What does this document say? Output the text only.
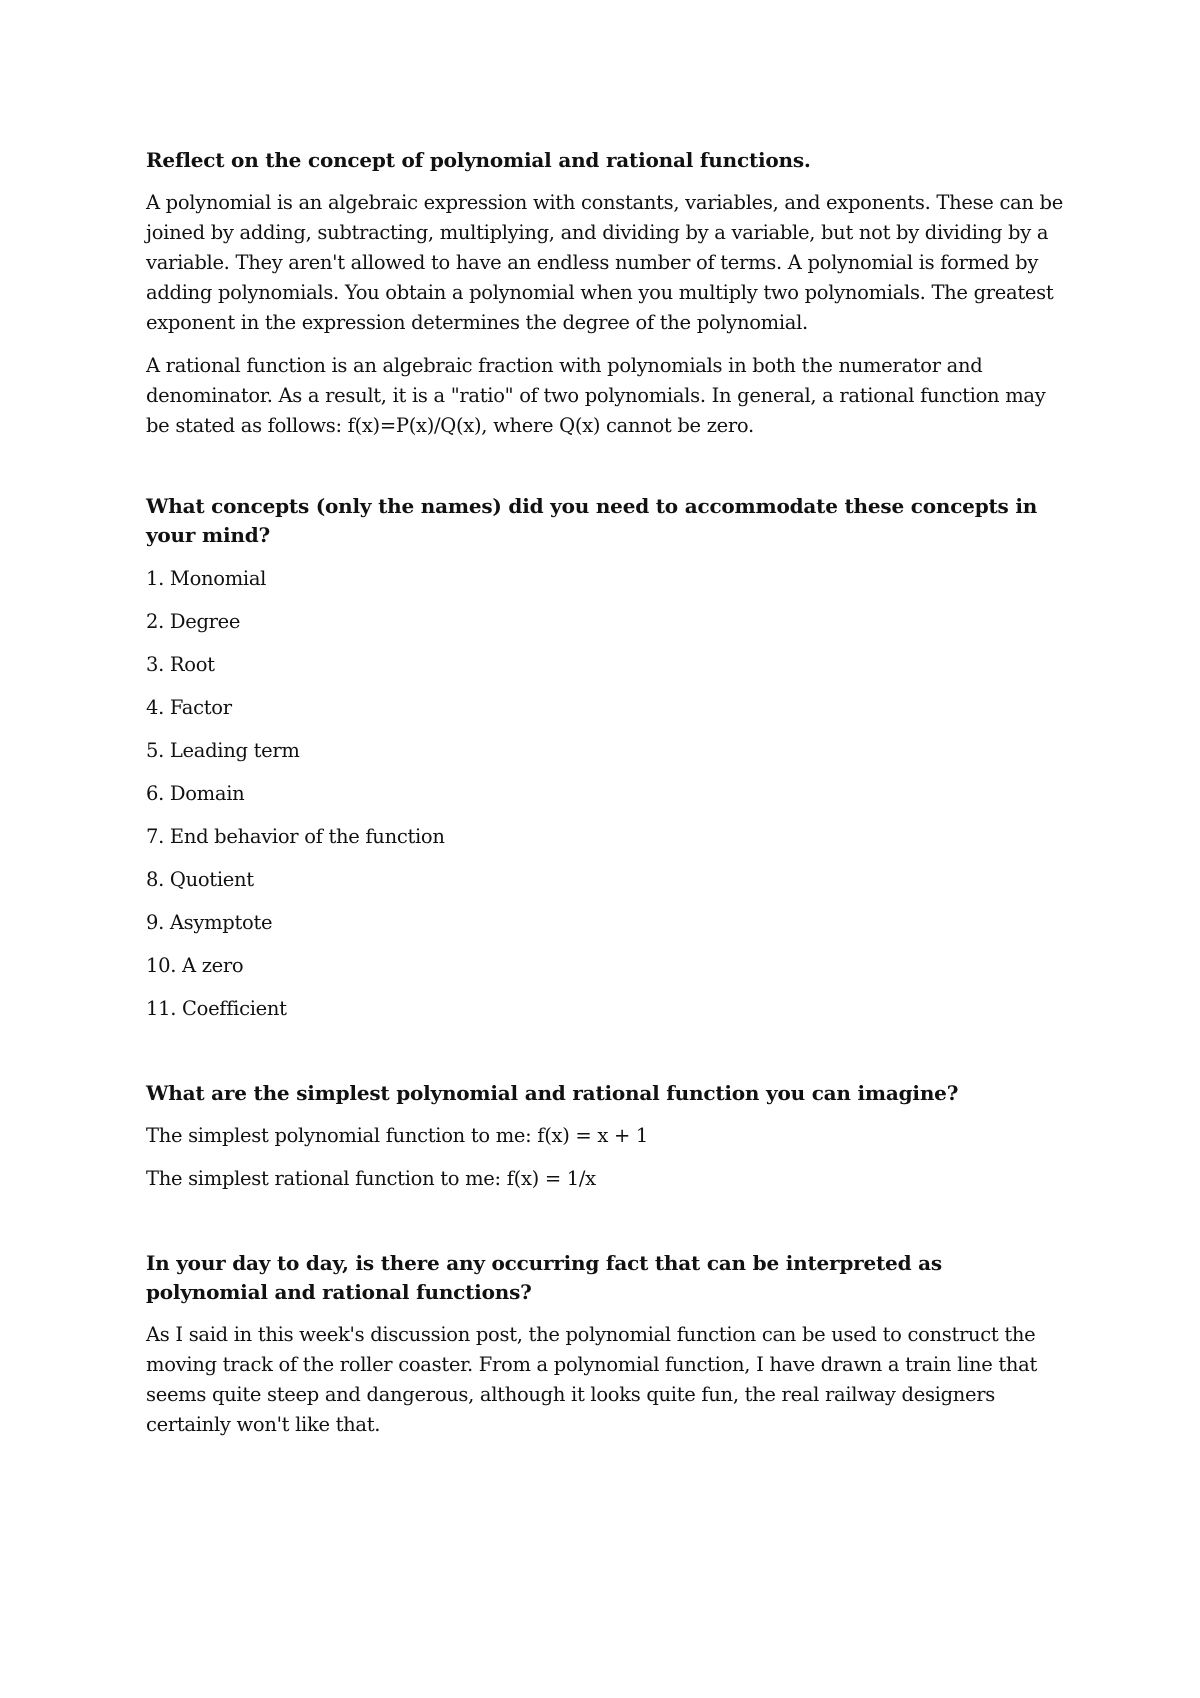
Reflect on the concept of polynomial and rational functions.

A polynomial is an algebraic expression with constants, variables, and exponents. These can be joined by adding, subtracting, multiplying, and dividing by a variable, but not by dividing by a variable. They aren't allowed to have an endless number of terms. A polynomial is formed by adding polynomials. You obtain a polynomial when you multiply two polynomials. The greatest exponent in the expression determines the degree of the polynomial.

A rational function is an algebraic fraction with polynomials in both the numerator and denominator. As a result, it is a "ratio" of two polynomials. In general, a rational function may be stated as follows: f(x)=P(x)/Q(x), where Q(x) cannot be zero.

What concepts (only the names) did you need to accommodate these concepts in your mind?

1. Monomial

2. Degree

3. Root

4. Factor

5. Leading term

6. Domain

7. End behavior of the function

8. Quotient

9. Asymptote

10. A zero

11. Coefficient

What are the simplest polynomial and rational function you can imagine?

The simplest polynomial function to me: f(x) = x + 1

The simplest rational function to me: f(x) = 1/x

In your day to day, is there any occurring fact that can be interpreted as polynomial and rational functions?

As I said in this week's discussion post, the polynomial function can be used to construct the moving track of the roller coaster. From a polynomial function, I have drawn a train line that seems quite steep and dangerous, although it looks quite fun, the real railway designers certainly won't like that.
